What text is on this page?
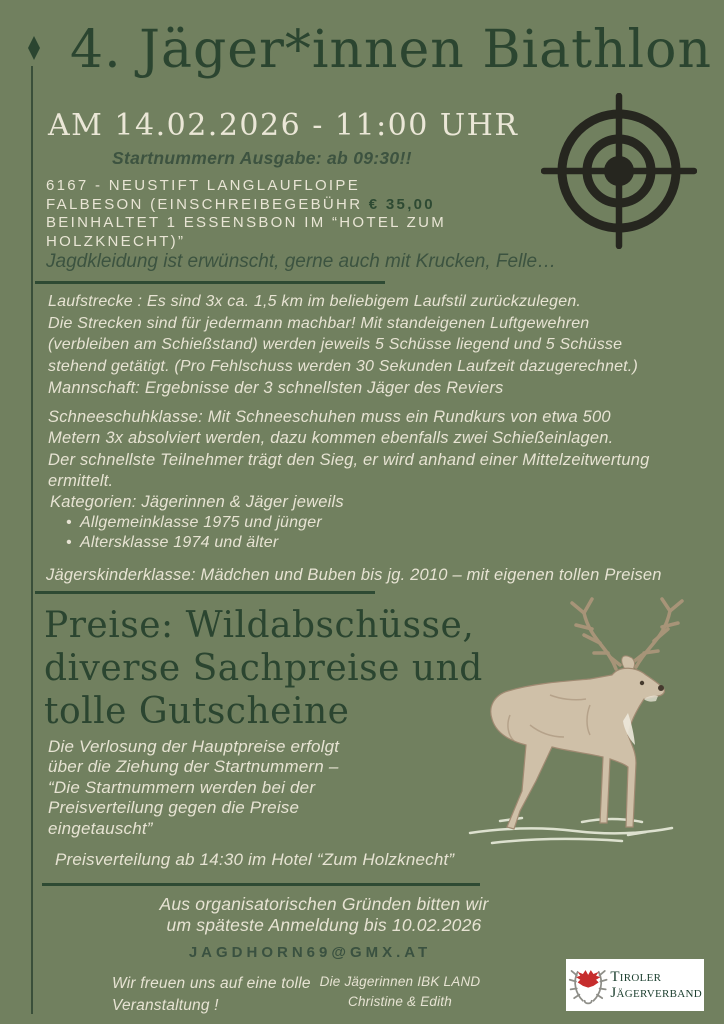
4. Jäger*innen Biathlon
AM 14.02.2026 - 11:00 UHR
Startnummern Ausgabe: ab 09:30!!
6167 - NEUSTIFT LANGLAUFLOIPE
FALBESON (EINSCHREIBEGEBÜHR € 35,00
BEINHALTET 1 ESSENSBON IM “HOTEL ZUM
HOLZKNECHT)”
Jagdkleidung ist erwünscht, gerne auch mit Krucken, Felle…
Laufstrecke : Es sind 3x ca. 1,5 km im beliebigem Laufstil zurückzulegen.
Die Strecken sind für jedermann machbar! Mit standeigenen Luftgewehren
(verbleiben am Schießstand) werden jeweils 5 Schüsse liegend und 5 Schüsse
stehend getätigt. (Pro Fehlschuss werden 30 Sekunden Laufzeit dazugerechnet.)
Mannschaft: Ergebnisse der 3 schnellsten Jäger des Reviers
Schneeschuhklasse: Mit Schneeschuhen muss ein Rundkurs von etwa 500
Metern 3x absolviert werden, dazu kommen ebenfalls zwei Schießeinlagen.
Der schnellste Teilnehmer trägt den Sieg, er wird anhand einer Mittelzeitwertung
ermittelt.
Kategorien: Jägerinnen & Jäger jeweils
• Allgemeinklasse 1975 und jünger
• Altersklasse 1974 und älter
Jägerskinderklasse: Mädchen und Buben bis jg. 2010 – mit eigenen tollen Preisen
Preise: Wildabschüsse,
diverse Sachpreise und
tolle Gutscheine
Die Verlosung der Hauptpreise erfolgt
über die Ziehung der Startnummern –
“Die Startnummern werden bei der
Preisverteilung gegen die Preise
eingetauscht”
Preisverteilung ab 14:30 im Hotel “Zum Holzknecht”
Aus organisatorischen Gründen bitten wir
um späteste Anmeldung bis 10.02.2026
JAGDHORN69@GMX.AT
Wir freuen uns auf eine tolle
Veranstaltung !
Die Jägerinnen IBK LAND
Christine & Edith
Tiroler
Jägerverband
